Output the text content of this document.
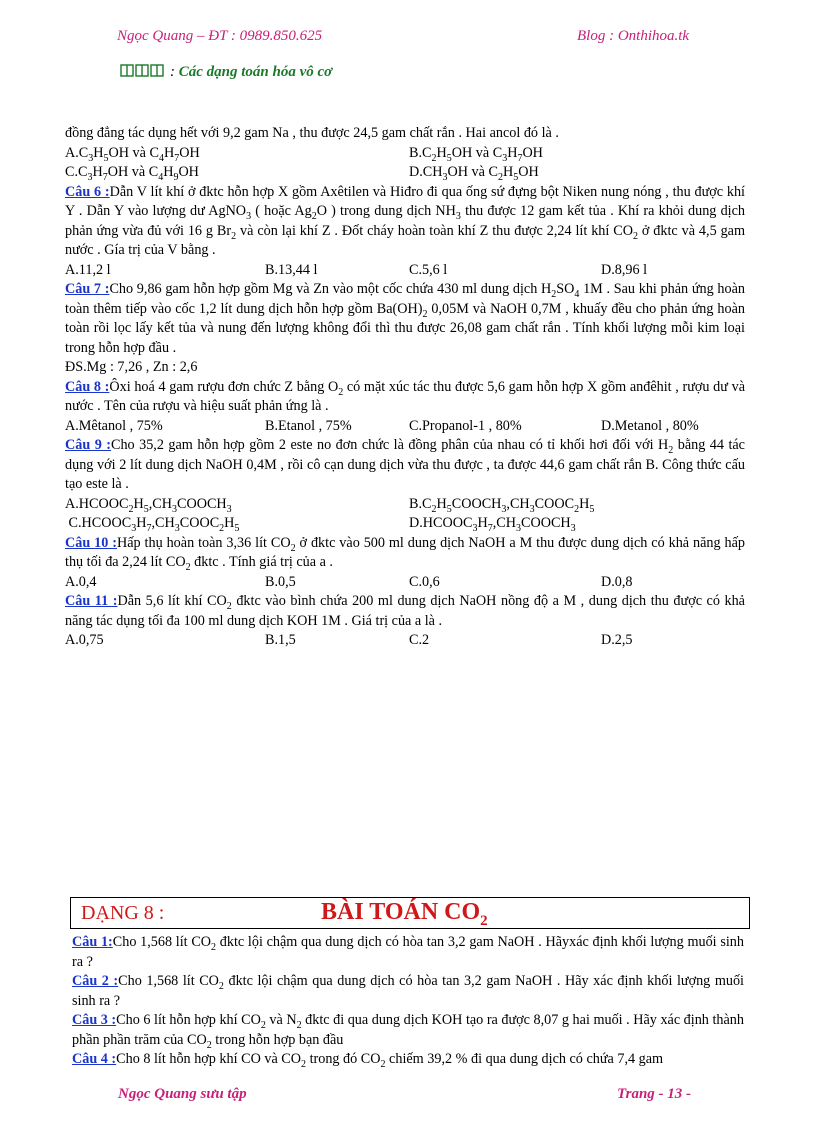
Ngọc Quang – ĐT : 0989.850.625	Blog : Onthihoa.tk
: Các dạng toán hóa vô cơ

đồng đẳng tác dụng hết với 9,2 gam Na , thu được 24,5 gam chất rắn . Hai ancol đó là .

$A.C_3H_5OH$ và $C_4H_7OH$	$B.C_2H_5OH$ và $C_3H_7OH$
$C.C_3H_7OH$ và $C_4H_9OH$	$D.CH_3OH$ và $C_2H_5OH$

Câu 6 :Dẫn V lít khí ở đktc hỗn hợp X gồm Axêtilen và Hiđro đi qua ống sứ đựng bột Niken nung nóng , thu được khí Y . Dẫn Y vào lượng dư AgNO$_3$ ( hoặc $Ag_2O$ ) trong dung dịch $NH_3$ thu được 12 gam kết tủa . Khí ra khỏi dung dịch phản ứng vừa đủ với 16 g $Br_2$ và còn lại khí Z . Đốt cháy hoàn toàn khí Z thu được 2,24 lít khí $CO_2$ ở đktc và 4,5 gam nước . Gía trị của V bằng .

A.11,2 l	B.13,44 l	C.5,6 l	D.8,96 l

Câu 7 :Cho 9,86 gam hỗn hợp gồm Mg và Zn vào một cốc chứa 430 ml dung dịch $H_2SO_4$ 1M . Sau khi phản ứng hoàn toàn thêm tiếp vào cốc 1,2 lít dung dịch hỗn hợp gồm $Ba(OH)_2$ 0,05M và NaOH 0,7M , khuấy đều cho phản ứng hoàn toàn rồi lọc lấy kết tủa và nung đến lượng không đổi thì thu được 26,08 gam chất rắn . Tính khối lượng mỗi kim loại trong hỗn hợp đầu .

ĐS.Mg : 7,26 , Zn : 2,6

Câu 8 :Ôxi hoá 4 gam rượu đơn chức Z bằng $O_2$ có mặt xúc tác thu được 5,6 gam hỗn hợp X gồm anđêhit , rượu dư và nước . Tên của rượu và hiệu suất phản ứng là .

A.Mêtanol , 75%	B.Etanol , 75%	C.Propanol-1 , 80%	D.Metanol , 80%

Câu 9 :Cho 35,2 gam hỗn hợp gồm 2 este no đơn chức là đồng phân của nhau có tỉ khối hơi đối với $H_2$ bằng 44 tác dụng với 2 lít dung dịch NaOH 0,4M , rồi cô cạn dung dịch vừa thu được , ta được 44,6 gam chất rắn B. Công thức cấu tạo este là .

$A.HCOOC_2H_5,CH_3COOCH_3$	$B.C_2H_5COOCH_3,CH_3COOC_2H_5$
$C.HCOOC_3H_7,CH_3COOC_2H_5$	$D.HCOOC_3H_7,CH_3COOCH_3$

Câu 10 :Hấp thụ hoàn toàn 3,36 lít $CO_2$ ở đktc vào 500 ml dung dịch NaOH a M thu được dung dịch có khả năng hấp thụ tối đa 2,24 lít $CO_2$ đktc . Tính giá trị của a .

A.0,4	B.0,5	C.0,6	D.0,8

Câu 11 :Dẫn 5,6 lít khí $CO_2$ đktc vào bình chứa 200 ml dung dịch NaOH nồng độ a M , dung dịch thu được có khả năng tác dụng tối đa 100 ml dung dịch KOH 1M . Giá trị của a là .

A.0,75	B.1,5	C.2	D.2,5
DẠNG 8 :	BÀI TOÁN $CO_2$

Câu 1:Cho 1,568 lít $CO_2$ đktc lội chậm qua dung dịch có hòa tan 3,2 gam NaOH . Hãyxác định khối lượng muối sinh ra ?

Câu 2 :Cho 1,568 lít $CO_2$ đktc lội chậm qua dung dịch có hòa tan 3,2 gam NaOH . Hãy xác định khối lượng muối sinh ra ?

Câu 3 :Cho 6 lít hỗn hợp khí $CO_2$ và $N_2$ đktc đi qua dung dịch KOH tạo ra được 8,07 g hai muối . Hãy xác định thành phần phần trăm của $CO_2$ trong hỗn hợp bạn đầu

Câu 4 :Cho 8 lít hỗn hợp khí CO và $CO_2$ trong đó $CO_2$ chiếm 39,2 % đi qua dung dịch có chứa 7,4 gam

Ngọc Quang sưu tập	Trang - 13 -
